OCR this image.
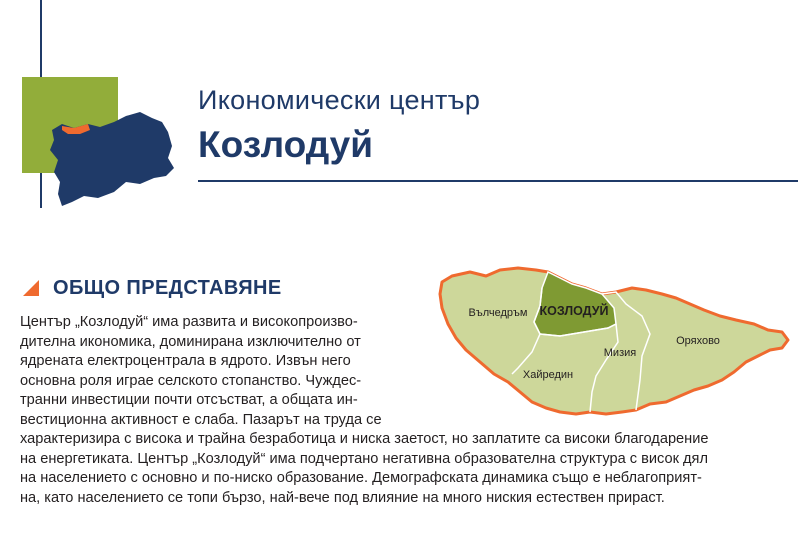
Икономически център
Козлодуй
ОБЩО ПРЕДСТАВЯНЕ

Център „Козлодуй“ има развита и високопроизво-

дителна икономика, доминирана изключително от

ядрената електроцентрала в ядрото. Извън него

основна роля играе селското стопанство. Чуждес-

транни инвестиции почти отсъстват, а общата ин-

вестиционна активност е слаба. Пазарът на труда се

характеризира с висока и трайна безработица и ниска заетост, но заплатите са високи благодарение

на енергетиката. Център „Козлодуй“ има подчертано негативна образователна структура с висок дял

на населението с основно и по-ниско образование. Демографската динамика също е неблагоприят-

на, като населението се топи бързо, най-вече под влияние на много ниския естествен прираст.

Вълчедръм КОЗЛОДУЙ
Хайредин
Мизия
Оряхово
